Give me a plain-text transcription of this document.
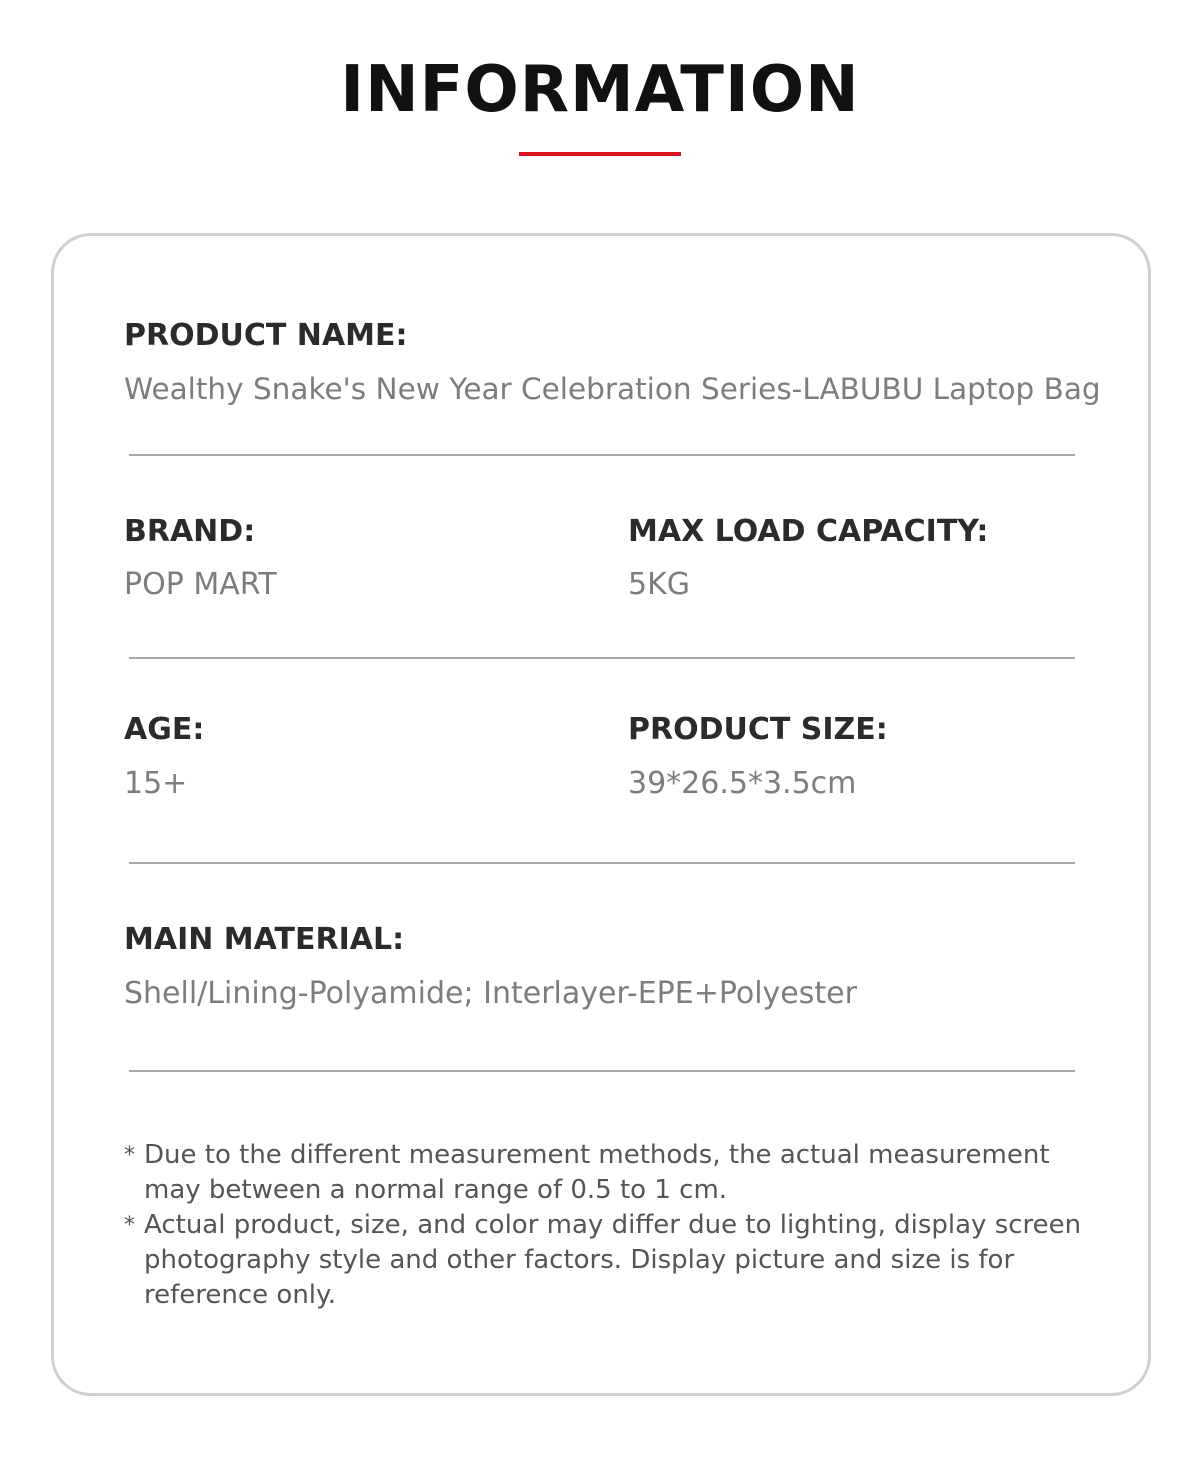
INFORMATION
PRODUCT NAME:
Wealthy Snake's New Year Celebration Series-LABUBU Laptop Bag
BRAND:
POP MART
MAX LOAD CAPACITY:
5KG
AGE:
15+
PRODUCT SIZE:
39*26.5*3.5cm
MAIN MATERIAL:
Shell/Lining-Polyamide; Interlayer-EPE+Polyester
* Due to the different measurement methods, the actual measurement may between a normal range of 0.5 to 1 cm.
* Actual product, size, and color may differ due to lighting, display screen photography style and other factors. Display picture and size is for reference only.
